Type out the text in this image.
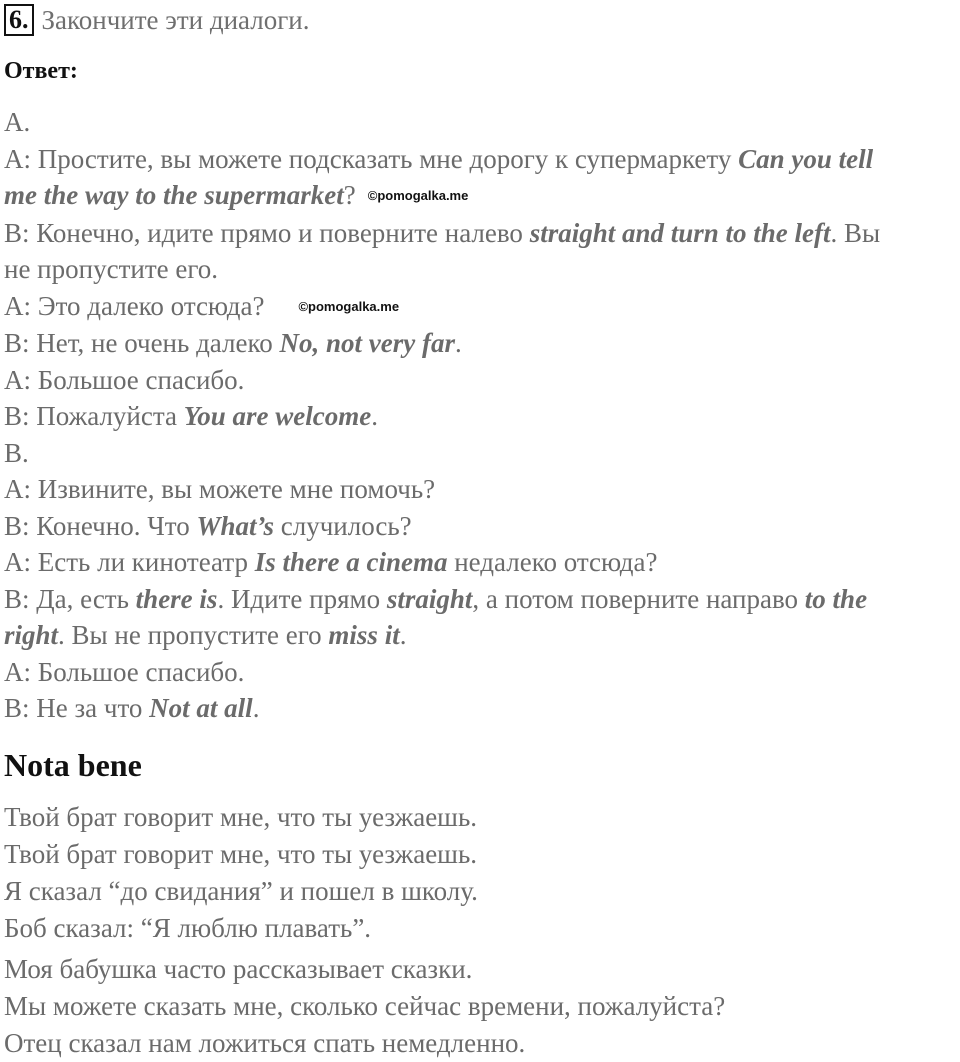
6. Закончите эти диалоги.
Ответ:
A.
A: Простите, вы можете подсказать мне дорогу к супермаркету Can you tell
me the way to the supermarket? ©pomogalka.me
B: Конечно, идите прямо и поверните налево straight and turn to the left. Вы
не пропустите его.
A: Это далеко отсюда?	©pomogalka.me
B: Нет, не очень далеко No, not very far.
A: Большое спасибо.
B: Пожалуйста You are welcome.
B.
A: Извините, вы можете мне помочь?
B: Конечно. Что What’s случилось?
A: Есть ли кинотеатр Is there a cinema недалеко отсюда?
B: Да, есть there is. Идите прямо straight, а потом поверните направо to the
right. Вы не пропустите его miss it.
A: Большое спасибо.
B: Не за что Not at all.
Nota bene
Твой брат говорит мне, что ты уезжаешь.
Твой брат говорит мне, что ты уезжаешь.
Я сказал “до свидания” и пошел в школу.
Боб сказал: “Я люблю плавать”.
Моя бабушка часто рассказывает сказки.
Мы можете сказать мне, сколько сейчас времени, пожалуйста?
Отец сказал нам ложиться спать немедленно.
